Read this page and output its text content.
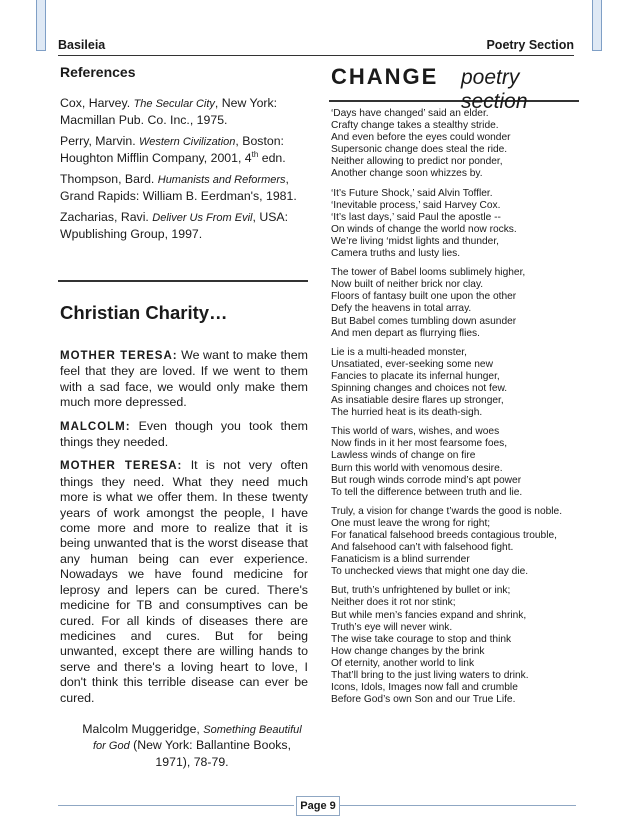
Basileia	Poetry Section
References

Cox, Harvey. The Secular City, New York: Macmillan Pub. Co. Inc., 1975.

Perry, Marvin. Western Civilization, Boston: Houghton Mifflin Company, 2001, 4th edn.

Thompson, Bard. Humanists and Reformers, Grand Rapids: William B. Eerdman's, 1981.

Zacharias, Ravi. Deliver Us From Evil, USA: Wpublishing Group, 1997.

Christian Charity…

MOTHER TERESA: We want to make them feel that they are loved. If we went to them with a sad face, we would only make them much more depressed.

MALCOLM: Even though you took them things they needed.

MOTHER TERESA: It is not very often things they need. What they need much more is what we offer them. In these twenty years of work amongst the people, I have come more and more to realize that it is being unwanted that is the worst disease that any human being can ever experience. Nowadays we have found medicine for leprosy and lepers can be cured. There's medicine for TB and consumptives can be cured. For all kinds of diseases there are medicines and cures. But for being unwanted, except there are willing hands to serve and there's a loving heart to love, I don't think this terrible disease can ever be cured.

Malcolm Muggeridge, Something Beautiful for God (New York: Ballantine Books, 1971), 78-79.

CHANGE poetry section
‘Days have changed’ said an elder.
Crafty change takes a stealthy stride.
And even before the eyes could wonder
Supersonic change does steal the ride.
Neither allowing to predict nor ponder,
Another change soon whizzes by.
‘It’s Future Shock,’ said Alvin Toffler.
‘Inevitable process,’ said Harvey Cox.
‘It’s last days,’ said Paul the apostle --
On winds of change the world now rocks.
We’re living ‘midst lights and thunder,
Camera truths and lusty lies.
The tower of Babel looms sublimely higher,
Now built of neither brick nor clay.
Floors of fantasy built one upon the other
Defy the heavens in total array.
But Babel comes tumbling down asunder
And men depart as flurrying flies.
Lie is a multi-headed monster,
Unsatiated, ever-seeking some new
Fancies to placate its infernal hunger,
Spinning changes and choices not few.
As insatiable desire flares up stronger,
The hurried heat is its death-sigh.
This world of wars, wishes, and woes
Now finds in it her most fearsome foes,
Lawless winds of change on fire
Burn this world with venomous desire.
But rough winds corrode mind’s apt power
To tell the difference between truth and lie.
Truly, a vision for change t’wards the good is noble.
One must leave the wrong for right;
For fanatical falsehood breeds contagious trouble,
And falsehood can’t with falsehood fight.
Fanaticism is a blind surrender
To unchecked views that might one day die.
But, truth’s unfrightened by bullet or ink;
Neither does it rot nor stink;
But while men’s fancies expand and shrink,
Truth’s eye will never wink.
The wise take courage to stop and think
How change changes by the brink
Of eternity, another world to link
That’ll bring to the just living waters to drink.
Icons, Idols, Images now fall and crumble
Before God’s own Son and our True Life.
Page 9
